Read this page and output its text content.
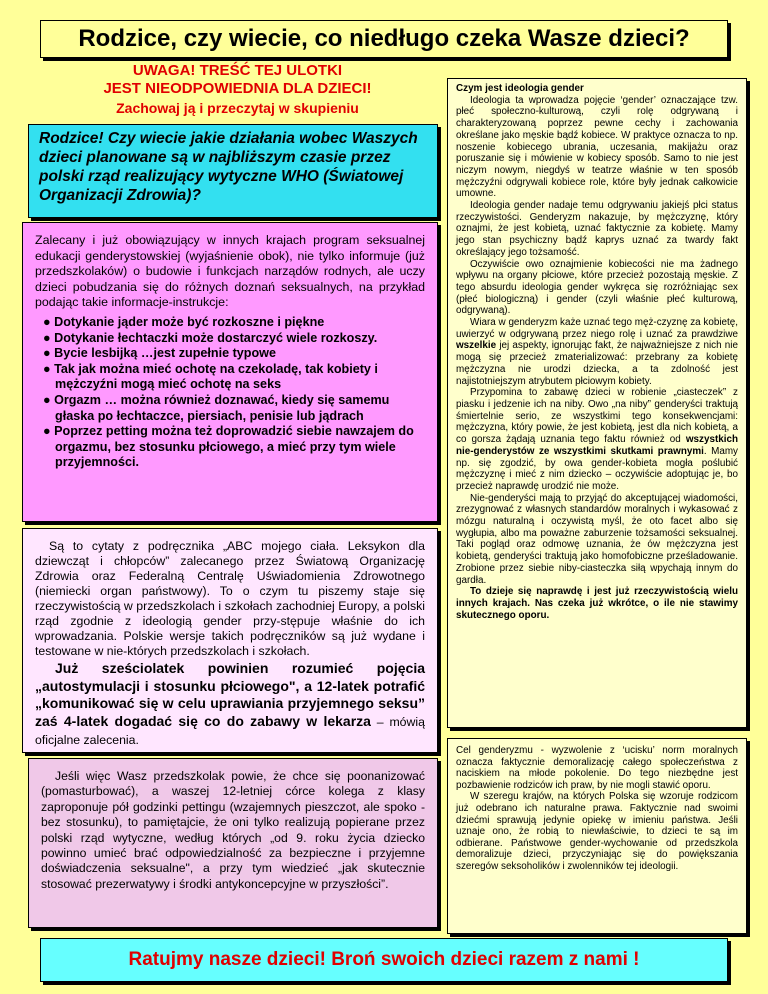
Rodzice, czy wiecie, co niedługo czeka Wasze dzieci?
UWAGA! TREŚĆ TEJ ULOTKI
JEST NIEODPOWIEDNIA DLA DZIECI!
Zachowaj ją i przeczytaj w skupieniu
Rodzice! Czy wiecie jakie działania wobec Waszych dzieci planowane są w najbliższym czasie przez polski rząd realizujący wytyczne WHO (Światowej Organizacji Zdrowia)?

Zalecany i już obowiązujący w innych krajach program seksualnej edukacji genderystowskiej (wyjaśnienie obok), nie tylko informuje (już przedszkolaków) o budowie i funkcjach narządów rodnych, ale uczy dzieci pobudzania się do różnych doznań seksualnych, na przykład podając takie informacje-instrukcje:

● Dotykanie jąder może być rozkoszne i piękne
● Dotykanie łechtaczki może dostarczyć wiele rozkoszy.
● Bycie lesbijką …jest zupełnie typowe
● Tak jak można mieć ochotę na czekoladę, tak kobiety i mężczyźni mogą mieć ochotę na seks
● Orgazm … można również doznawać, kiedy się samemu głaska po łechtaczce, piersiach, penisie lub jądrach
● Poprzez petting można też doprowadzić siebie nawzajem do orgazmu, bez stosunku płciowego, a mieć przy tym wiele przyjemności.

Są to cytaty z podręcznika „ABC mojego ciała. Leksykon dla dziewcząt i chłopców” zalecanego przez Światową Organizację Zdrowia oraz Federalną Centralę Uświadomienia Zdrowotnego (niemiecki organ państwowy). To o czym tu piszemy staje się rzeczywistością w przedszkolach i szkołach zachodniej Europy, a polski rząd zgodnie z ideologią gender przy-stępuje właśnie do ich wprowadzania. Polskie wersje takich podręczników są już wydane i testowane w nie-których przedszkolach i szkołach.

Już sześciolatek powinien rozumieć pojęcia „autostymulacji i stosunku płciowego", a 12-latek potrafić „komunikować się w celu uprawiania przyjemnego seksu” zaś 4-latek dogadać się co do zabawy w lekarza – mówią oficjalne zalecenia.

Jeśli więc Wasz przedszkolak powie, że chce się poonanizować (pomasturbować), a waszej 12-letniej córce kolega z klasy zaproponuje pół godzinki pettingu (wzajemnych pieszczot, ale spoko - bez stosunku), to pamiętajcie, że oni tylko realizują popierane przez polski rząd wytyczne, według których „od 9. roku życia dziecko powinno umieć brać odpowiedzialność za bezpieczne i przyjemne doświadczenia seksualne", a przy tym wiedzieć „jak skutecznie stosować prezerwatywy i środki antykoncepcyjne w przyszłości”.
Czym jest ideologia gender

Ideologia ta wprowadza pojęcie ‘gender’ oznaczające tzw. płeć społeczno-kulturową, czyli rolę odgrywaną i charakteryzowaną poprzez pewne cechy i zachowania określane jako męskie bądź kobiece. W praktyce oznacza to np. noszenie kobiecego ubrania, uczesania, makijażu oraz poruszanie się i mówienie w kobiecy sposób. Samo to nie jest niczym nowym, niegdyś w teatrze właśnie w ten sposób mężczyźni odgrywali kobiece role, które były jednak całkowicie umowne.

Ideologia gender nadaje temu odgrywaniu jakiejś płci status rzeczywistości. Genderyzm nakazuje, by mężczyznę, który oznajmi, że jest kobietą, uznać faktycznie za kobietę. Mamy jego stan psychiczny bądź kaprys uznać za twardy fakt określający jego tożsamość.

Oczywiście owo oznajmienie kobiecości nie ma żadnego wpływu na organy płciowe, które przecież pozostają męskie. Z tego absurdu ideologia gender wykręca się rozróżniając sex (płeć biologiczną) i gender (czyli właśnie płeć kulturową, odgrywaną).

Wiara w genderyzm każe uznać tego męż-czyznę za kobietę, uwierzyć w odgrywaną przez niego rolę i uznać za prawdziwe wszelkie jej aspekty, ignorując fakt, że najważniejsze z nich nie mogą się przecież zmaterializować: przebrany za kobietę mężczyzna nie urodzi dziecka, a ta zdolność jest najistotniejszym atrybutem płciowym kobiety.

Przypomina to zabawę dzieci w robienie „ciasteczek” z piasku i jedzenie ich na niby. Owo „na niby” genderyści traktują śmiertelnie serio, ze wszystkimi tego konsekwencjami: mężczyzna, który powie, że jest kobietą, jest dla nich kobietą, a co gorsza żądają uznania tego faktu również od wszystkich nie-genderystów ze wszystkimi skutkami prawnymi. Mamy np. się zgodzić, by owa gender-kobieta mogła poślubić mężczyznę i mieć z nim dziecko – oczywiście adoptując je, bo przecież naprawdę urodzić nie może.

Nie-genderyści mają to przyjąć do akceptującej wiadomości, zrezygnować z własnych standardów moralnych i wykasować z mózgu naturalną i oczywistą myśl, że oto facet albo się wygłupia, albo ma poważne zaburzenie tożsamości seksualnej. Taki pogląd oraz odmowę uznania, że ów mężczyzna jest kobietą, genderyści traktują jako homofobiczne prześladowanie. Zrobione przez siebie niby-ciasteczka siłą wpychają innym do gardła.

To dzieje się naprawdę i jest już rzeczywistością wielu innych krajach. Nas czeka już wkrótce, o ile nie stawimy skutecznego oporu.

Cel genderyzmu - wyzwolenie z ‘ucisku’ norm moralnych oznacza faktycznie demoralizację całego społeczeństwa z naciskiem na młode pokolenie. Do tego niezbędne jest pozbawienie rodziców ich praw, by nie mogli stawić oporu.

W szeregu krajów, na których Polska się wzoruje rodzicom już odebrano ich naturalne prawa. Faktycznie nad swoimi dziećmi sprawują jedynie opiekę w imieniu państwa. Jeśli uznaje ono, że robią to niewłaściwie, to dzieci te są im odbierane. Państwowe gender-wychowanie od przedszkola demoralizuje dzieci, przyczyniając się do powiększania szeregów seksoholików i zwolenników tej ideologii.

Ratujmy nasze dzieci! Broń swoich dzieci razem z nami !
